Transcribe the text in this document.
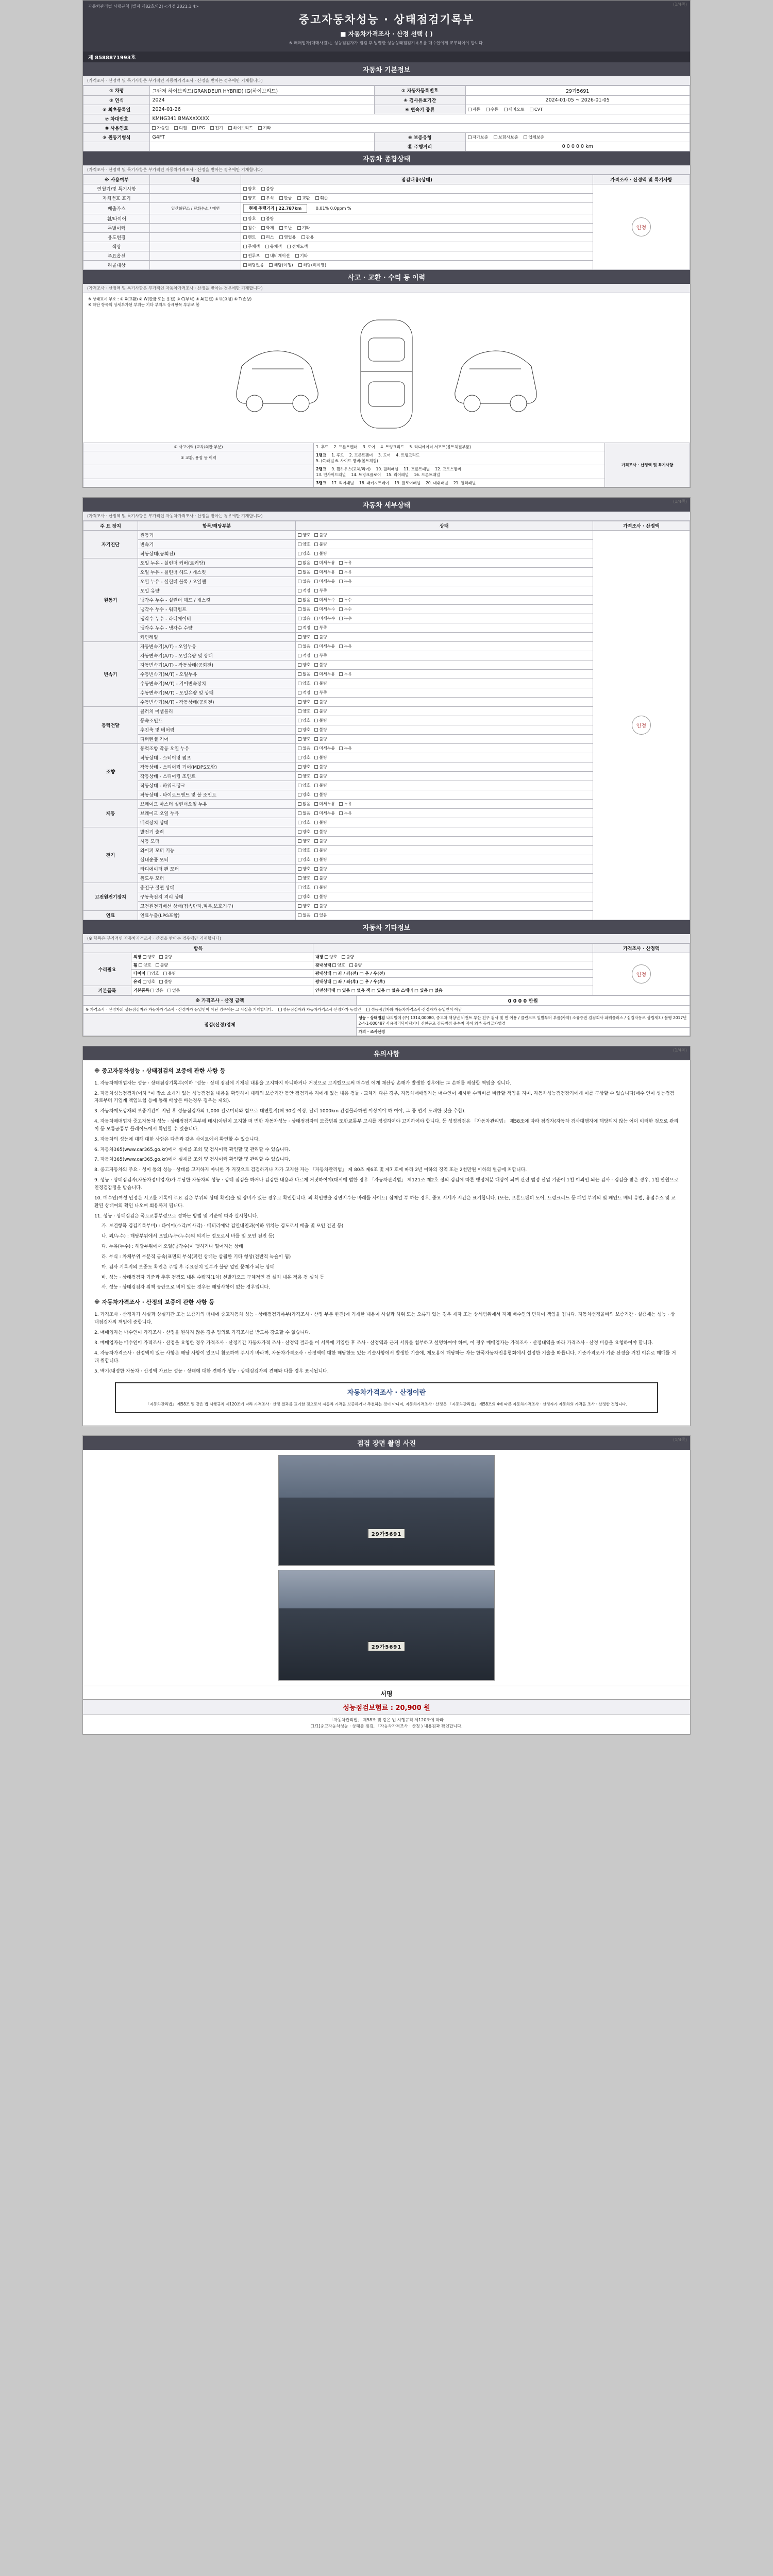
(1/4쪽)
자동차관리법 시행규칙 [별지 제82호의2] <개정 2021.1.4>
중고자동차성능 · 상태점검기록부
■ 자동차가격조사 · 산정 선택 ( )
※ 매매업자(매매사원)는 성능점검자가 점검 후 발행한 성능상태점검기록부를 매수인에게 교부하여야 합니다.
제 8588871993호
자동차 기본정보
(가격조사 · 산정액 및 특기사항은 부가적인 자동차가격조사 · 산정을 받아는 경우에만 기재합니다)
① 차명	그랜저 하이브리드(GRANDEUR HYBRID) IG(하이브리드)	② 자동차등록번호	29가5691
③ 연식	2024	④ 검사유효기간	2024-01-05 ~ 2026-01-05
⑤ 최초등록일	2024-01-26	⑥ 변속기 종류	자동 수동 세미오토 CVT
⑦ 차대번호	KMHG341 BMAXXXXXX		
⑧ 사용연료	가솔린 디젤 LPG 전기 하이브리드 기타		
⑨ 원동기형식	G4FT	⑩ 보증유형	자가보증 보험사보증 업체보증
		⑪ 주행거리	0 0 0 0 0 km
자동차 종합상태
(가격조사 · 산정액 및 특기사항은 부가적인 자동차가격조사 · 산정을 받아는 경우에만 기재합니다)
※ 사용여부	내용	점검내용(상태)	가격조사 · 산정액 및 특기사항
연월기/및 특기사항		양호 불량	인정
자체번호 표기		양호 부식 판금 교환 훼손	
배출가스	일산화탄소 / 탄화수소 / 매연	현재 주행거리 | 22,787km 0.01% 0.0ppm %	
휠/타이어		양호 불량	
특별이력		침수 화재 도난 기타	
용도변경		렌트 리스 영업용 관용	
색상		무채색 유채색 전체도색	
주요옵션		썬루프 내비게이션 기타	
리콜대상		해당없음 해당(이행) 해당(미이행)	
사고 · 교환 · 수리 등 이력
(가격조사 · 산정액 및 특기사항은 부가적인 자동차가격조사 · 산정을 받아는 경우에만 기재합니다)
※ 상태표시 부호 : ① X(교환) ② W(판금 또는 용접) ③ C(부식) ④ A(흠집) ⑤ U(요철) ⑥ T(손상)
※ 하단 항목의 상세부가된 부위는 기타 부위도 상세항목 부위로 봄
① 사고이력 (교차/외판 부분)	1. 후드 2. 프론트펜더 3. 도어 4. 트렁크리드 5. 라디에이터 서포트(볼트체결부품)	가격조사 · 산정액 및 특기사항
② 교환, 용접 등 이력	1랭크 1. 후드 2. 프론트펜더 3. 도어 4. 트렁크리드
5. (C)패널 6. 사이드 멤버(볼트체결)	
	2랭크 9. 휠하우스(교체/리어) 10. 필러패널 11. 프론트패널 12. 크로스멤버
13. 인사이드패널 14. 트렁크플로어 15. 리어패널 16. 프론트패널	
	3랭크 17. 리어패널 18. 패키지트레이 19. 플로어패널 20. 대쉬패널 21. 필러패널	
(1/4쪽)
자동차 세부상태
(가격조사 · 산정액 및 특기사항은 부가적인 자동차가격조사 · 산정을 받아는 경우에만 기재합니다)
주 요 장치	항목/해당부분	상태	가격조사 · 산정액
자기진단	원동기	양호 불량	인정
	변속기	양호 불량	
	작동상태(공회전)	양호 불량	
원동기	오일 누유 - 실린더 커버(로커암)	없음 미세누유 누유	
	오일 누유 - 실린더 헤드 / 개스킷	없음 미세누유 누유	
	오일 누유 - 실린더 블록 / 오일팬	없음 미세누유 누유	
	오일 유량	적정 부족	
	냉각수 누수 - 실린더 헤드 / 개스킷	없음 미세누수 누수	
	냉각수 누수 - 워터펌프	없음 미세누수 누수	
	냉각수 누수 - 라디에이터	없음 미세누수 누수	
	냉각수 누수 - 냉각수 수량	적정 부족	
	커먼레일	양호 불량	
변속기	자동변속기(A/T) - 오일누유	없음 미세누유 누유	
	자동변속기(A/T) - 오일유량 및 상태	적정 부족	
	자동변속기(A/T) - 작동상태(공회전)	양호 불량	
	수동변속기(M/T) - 오일누유	없음 미세누유 누유	
	수동변속기(M/T) - 기어변속장치	양호 불량	
	수동변속기(M/T) - 오일유량 및 상태	적정 부족	
	수동변속기(M/T) - 작동상태(공회전)	양호 불량	
동력전달	클러치 어셈블리	양호 불량	
	등속조인트	양호 불량	
	추진축 및 베어링	양호 불량	
	디퍼렌셜 기어	양호 불량	
조향	동력조향 작동 오일 누유	없음 미세누유 누유	
	작동상태 - 스티어링 펌프	양호 불량	
	작동상태 - 스티어링 기어(MDPS포함)	양호 불량	
	작동상태 - 스티어링 조인트	양호 불량	
	작동상태 - 파워크랭크	양호 불량	
	작동상태 - 타이로드엔드 및 볼 조인트	양호 불량	
제동	브레이크 마스터 실린더오일 누유	없음 미세누유 누유	
	브레이크 오일 누유	없음 미세누유 누유	
	배력장치 상태	양호 불량	
전기	발전기 출력	양호 불량	
	시동 모터	양호 불량	
	와이퍼 모터 기능	양호 불량	
	실내송풍 모터	양호 불량	
	라디에이터 팬 모터	양호 불량	
	윈도우 모터	양호 불량	
고전원전기장치	충전구 절연 상태	양호 불량	
	구동축전지 격리 상태	양호 불량	
	고전원전기배선 상태(접속단자,피복,보호기구)	양호 불량	
연료	연료누출(LPG포함)	없음 있음	
자동차 기타정보
(※ 항목은 부가적인 자동차가격조사 · 산정을 받아는 경우에만 기재합니다)
항목			가격조사 · 산정액
수리필요	외장 양호 불량	내장 양호 불량	인정
	휠 양호 불량	광내상태 양호 불량	
	타이어 양호 불량	광내상태 □ 좌 / 좌(전) □ 우 / 우(전)	
	유리 양호 불량	광내상태 □ 좌 / 좌(후) □ 우 / 우(후)	
기본품목	기본품목 있음 없음	안전삼각대 □ 있음 □ 없음 잭 □ 있음 □ 없음 스패너 □ 있음 □ 없음	
※ 가격조사 · 산정 금액	0 0 0 0 만원
※ 가격조사 · 산정자의 성능점검자와 자동차가격조사 · 산정자가 동일인이 아닌 경우에는 그 사실을 기재합니다. 성능점검자와 자동차가격조사·산정자가 동일인 성능점검자와 자동차가격조사·산정자가 동일인이 아님	
점검(산정)업체	성능 · 상태점검 나의별에 (주) 1314,00080, 중고차 책상년 비전트 부산 친구 검사 및 면 이용 / 클린코프 일발부터 부품(카약) 소유증권 검검회사 파워플러스 / 심검자동로 삼립제3 / 블행 2017년2-4-1-000487 사용정리닥이딩기니 신한군로 검동범정 중수지 적이 외부 등개급자영경
	가격 · 조사산정
(1/4쪽)
유의사항
※ 중고자동차성능 · 상태점검의 보증에 관한 사항 등

1. 자동차매매업자는 성능 · 상태점검기록부(이하 "성능 · 상태 점검에 기재된 내용을 고지하지 아니하거나 거짓으로 고지했으로써 매수인 에게 재산상 손해가 발생한 경우에는 그 손해를 배상할 책임을 집니다.

2. 자동차성능점검자(이하 "이 장소 소개가 있는 성능점검을 내용을 확인하여 대해의 보증기간 동안 점검기록 지에게 있는 내용 검들 · 교체가 다른 경우, 자동차매매업자는 매수인이 제시한 수리비를 비급할 책임을 지며, 자동차성능점검장기에게 이를 구상할 수 있습니다(매수 인이 성능점검자로부터 기업계 책임보험 등에 통해 배상본 바는경우 경우는 제외).

3. 자동차매도상재의 보증기간이 지난 후 성능점검자의 1,000 킬로미터와 힘으로 대면할지(해 30일 이상, 달리 1000km 간접물과하면 이상이야 하 여야, 그 중 먼저 도래한 것을 추합).

4. 자동차매매업자 중고자동차 성능 · 상태점검기록부에 태시(아벤이 고지할 떠 변한 자동차성능 · 상태점검자의 보증범위 또한교통부 고시를 정성하여야 고지하여야 합니다. 등 성정점검은 「자동차관리법」 제58조에 따라 점검자(자동차 검사대행자에 해당되지 않는 어이 이러한 것으로 관리 이 등 모름공통부 플레이드에서 확인할 수 있습니다.

5. 자동차의 성능에 대해 대한 사항은 다음과 같은 사이트에서 확인할 수 있습니다.

6. 자동차365(www.car365.go.kr)에서 실제를 조회 및 검사이력 확인할 및 관리할 수 있습니다.

7. 자동차365(www.car365.go.kr)에서 실제를 조회 및 검사이력 확인할 및 관리할 수 있습니다.

8. 중고자동차의 주요 · 성이 통의 성능 · 상태를 고지하지 아니한 가 거짓으로 검검하거나 자가 고지한 자는 「자동차관리법」 제 80조 제6조 및 제7 호에 따라 2년 이하의 징역 또는 2천만원 이하의 벌금에 처합니다.

9. 성능 · 상태점검자(자동차정비업자)가 부당한 자동차의 성능 · 상태 점검을 하거나 검검한 내용과 다르게 거짓하여야(대시에 법한 경우 「자동차관리법」 제121조 제2호 정의 검검에 따른 행정처분 대상이 되며 관련 법령 산업 기준이 1천 이외인 되는 검사 · 검검을 받은 경우, 1천 만원으로 인정검감정을 받습니다.

10. 매수인(여성 인정은 시고를 기록이 주요 검은 부위의 상태 확인)을 및 장비가 있는 경우로 확인합니다. 외 확인방을 감면지수는 바레를 사이트) 심메널 부 하는 경우, 중요 시세가 시간은 표기합니다. (또는, 프론트팬더 도어, 트렁크리드 등 패널 부위의 및 페인트 배티 유럽, 용접수스 및 교환된 상태여의 확인 나오며 회용까지 됩니다.

11. 성능 · 상태검검은 국토교통부령으로 정하는 방법 및 기준에 따라 실시합니다.

가. 보건항목 검검기록부비) : 타이어(소각/미사각) · 배터리에약 검열내인과(이하 위치는 검도로서 배출 및 포인 전진 등)

나. 외/누수) : 해당부위에서 오일/누구(누수)의 의지는 정도로서 바를 및 포인 전진 등)

다. 누유(누수) : 해당부위에서 오일(냉각수)이 맺히거나 떨어지는 상태

라. 부식 : 차체부위 부분적 금속(표면의 부식(퍼런 상태는 삼월한 기타 형상(전반적 녹슬이 됨)

마. 검사 기록지의 보증도 확인은 주행 후 주요장치 일부가 불량 없인 문제가 되는 상태

바. 성능 · 상태검검자 기준과 추후 검검도 내용 수량지(1차) 선발가오드 구체적인 검 설치 내유 적용 검 설치 등

사. 성능 · 상태검검자 위책 공란으로 비어 있는 경우는 해당사항이 없는 경우입니다.

※ 자동차가격조사 · 산정의 보증에 관한 사항 등

1. 가격조사 · 산정자가 사실과 상실기간 또는 보증기의 더내에 중고자동차 성능 · 상태점검기록부(가격조사 · 산정 부분 한진)에 기재한 내용이 사실과 허위 또는 오류가 있는 경우 제자 또는 상세범위에서 지체 배수인의 면하여 책임을 집니다. 자동차선정을바의 보증기간 · 실증제는 성능 · 상태점검자의 책임에 준합니다.

2. 매매업자는 매수인이 가격조사 · 산정을 원하지 않은 경우 임의로 가격조사를 받도록 강요할 수 없습니다.

3. 매매업자는 매수인이 가격조사 · 산정을 요청한 경우 가격조사 · 산정기간 자동차가격 조사 · 산정액 결과를 이 서류에 기입한 후 조사 · 산정액과 근거 서류를 첨부하고 설명하여야 하며, 이 경우 매매업자는 가격조사 · 산정내역을 따라 가격조사 · 산정 비용을 요청하여야 합니다.

4. 자동차가격조사 · 산정액이 있는 사항은 해당 사항이 있으니 참조하여 주시기 바라며, 자동차가격조사 · 산정액에 대한 해당한도 있는 기술사항에서 발생한 기술에, 제도용에 해당하는 자는 한국자동차진흥협회에서 설정한 기술을 따릅니다. 기준가격조사 기준 산정을 거친 이유로 매매를 거래 취합니다.

5. 맥기(내정한 자동차 · 산정액 자료는 성능 · 상태에 대한 견해가 성능 · 상태검검자의 견해와 다를 경우 표시됩니다.

자동차가격조사 · 산정이란
「자동차관리법」 제58조 및 같은 법 시행규칙 제120조에 따라 가격조사 · 산정 결과를 표기한 것으로서 자동차 가격을 보증하거나 추천하는 것이 아니며, 자동차가격조사 · 산정은 「자동차관리법」 제58조의 4에 따른 자동차가격조사 · 산정자가 자동차의 가격을 조사 · 산정한 것입니다.
(1/4쪽)
점검 장면 촬영 사진
29가5691
29가5691
서명
성능점검보험료 : 20,900 원
「자동차관리법」 제58조 및 같은 법 시행규칙 제120조에 따라
[1/1]중고자동차성능 · 상태를 점검, 「자동차가격조사 · 산정 ) 내용검과 확인합니다.
